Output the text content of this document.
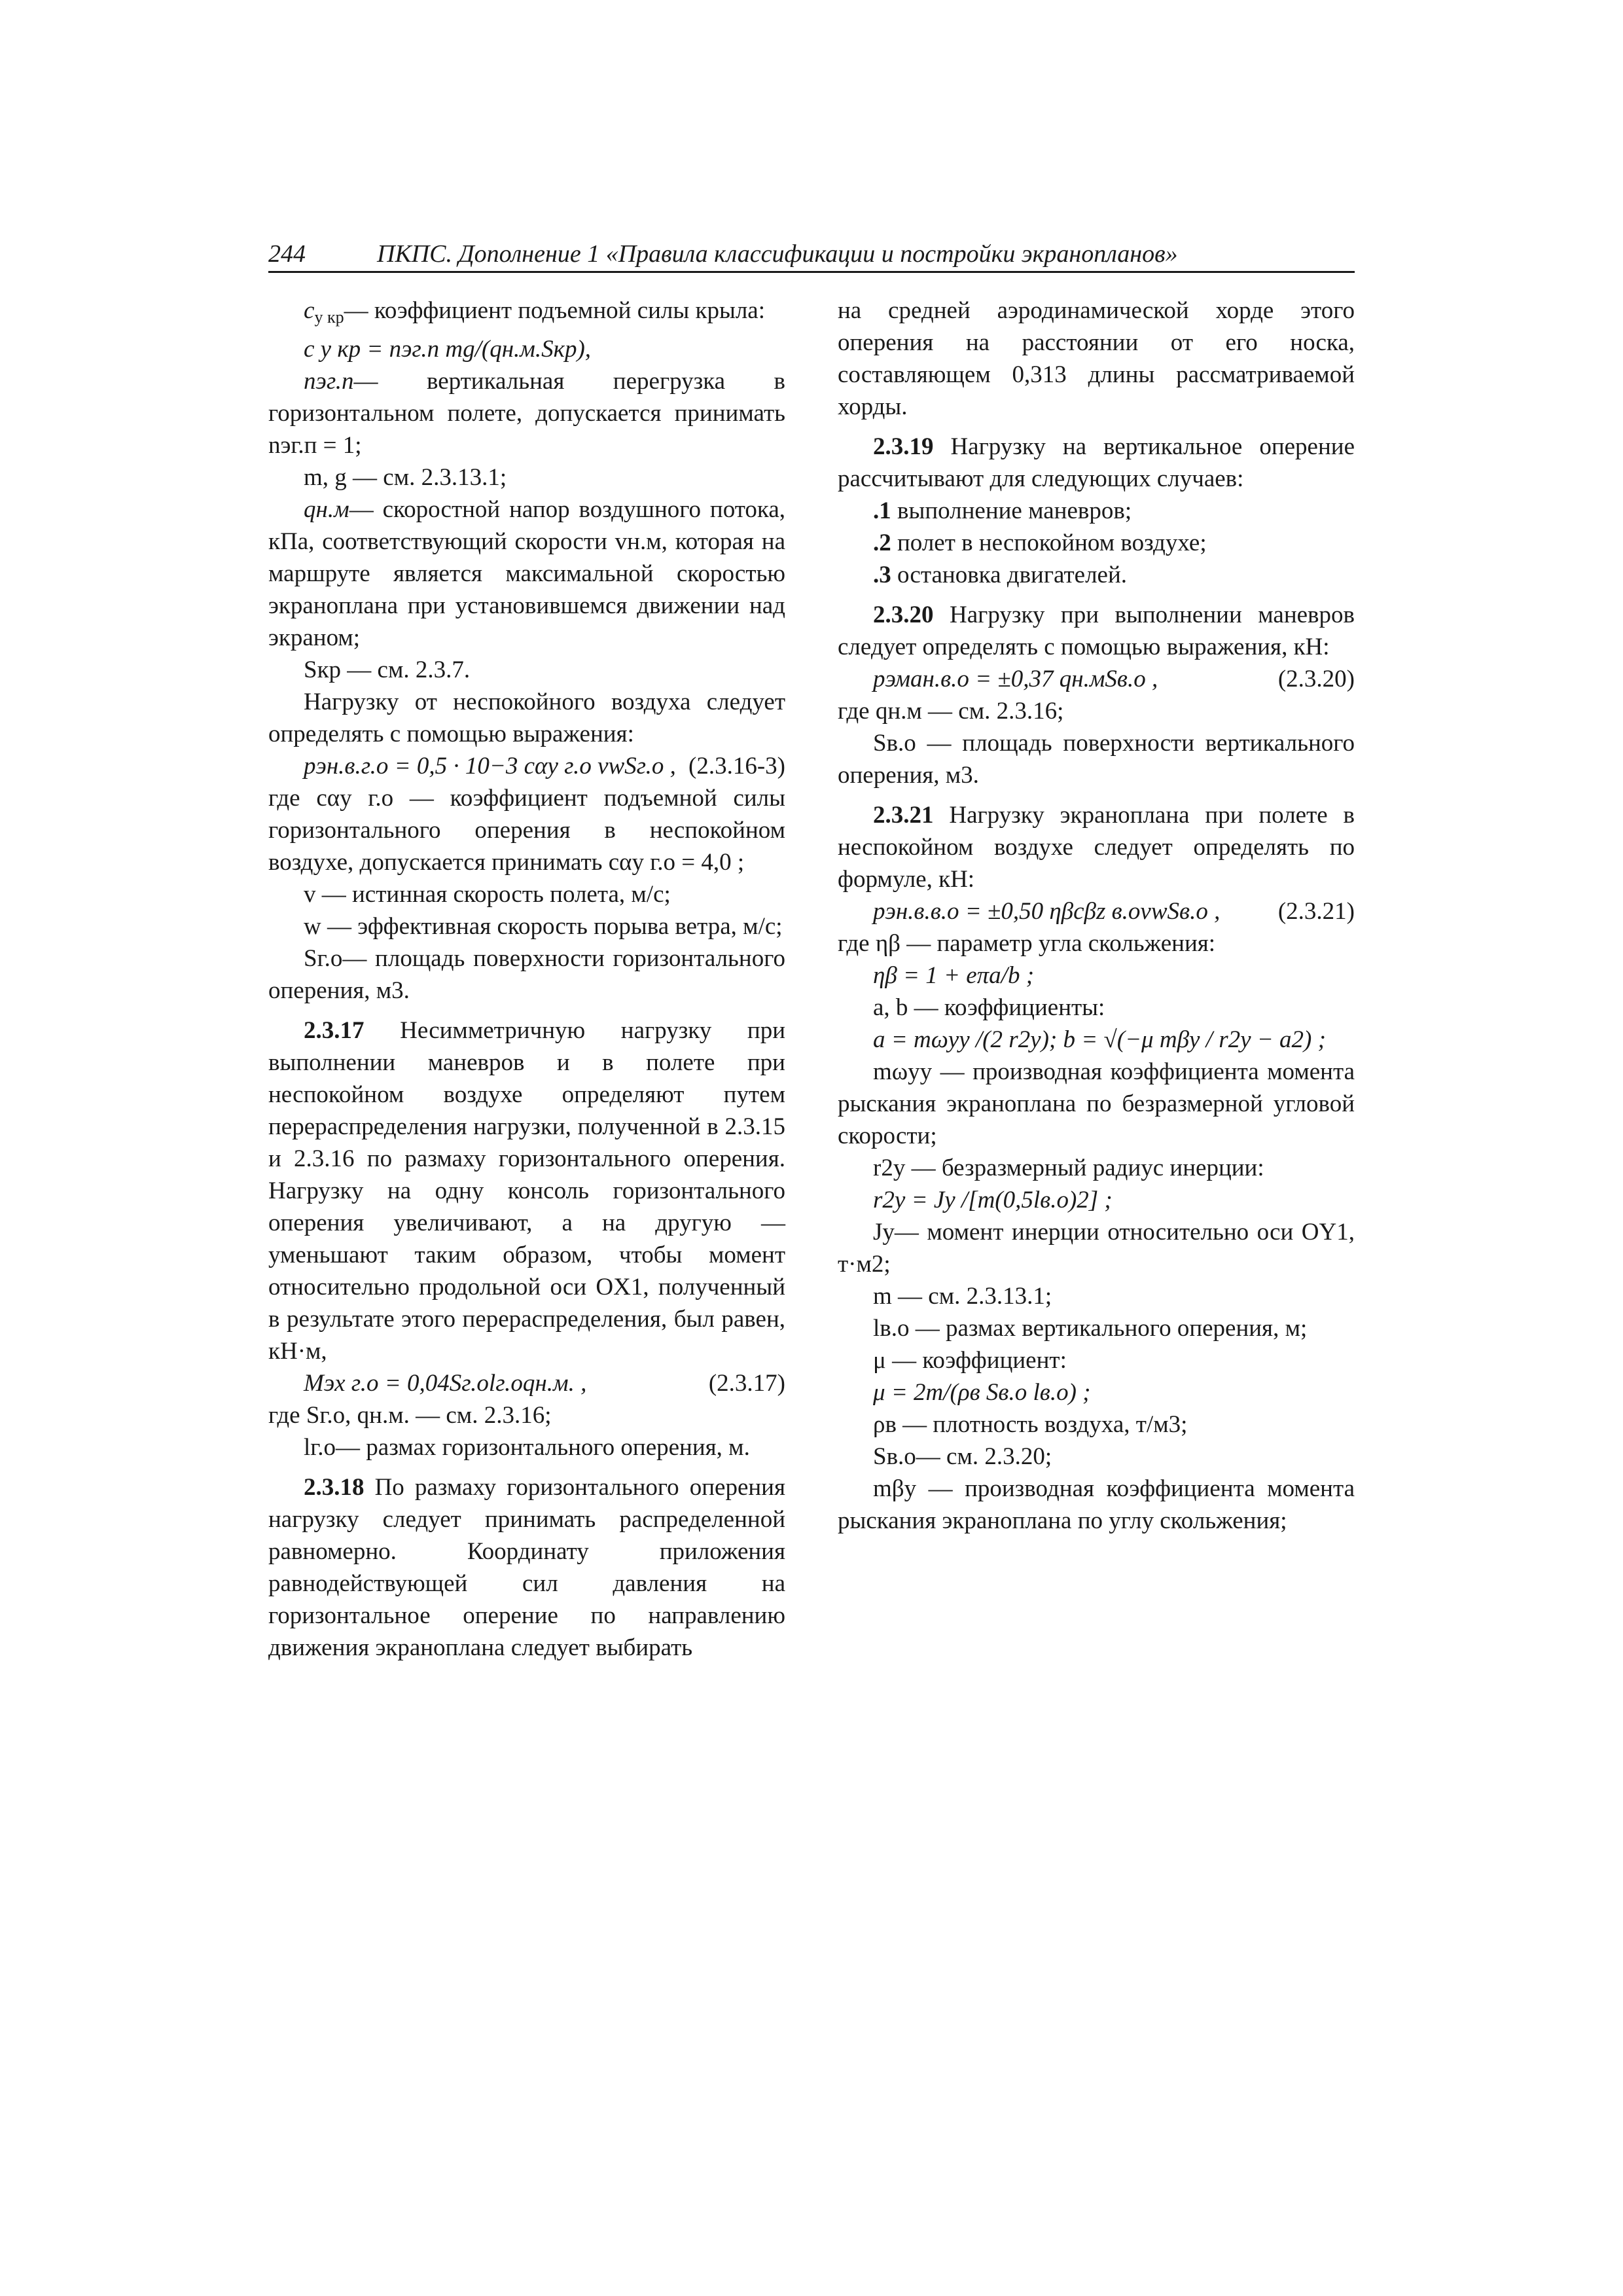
244	ПКПС. Дополнение 1 «Правила классификации и постройки экранопланов»

$c_{y кр}—$ коэффициент подъемной силы крыла:

c y кр = nэг.п mg/(qн.м.Sкр),

nэг.п— вертикальная перегрузка в горизонтальном полете, допускается принимать nэг.п = 1;

m, g — см. 2.3.13.1;

qн.м— скоростной напор воздушного потока, кПа, соответствующий скорости vн.м, которая на маршруте является максимальной скоростью экраноплана при установившемся движении над экраном;

Sкр — см. 2.3.7.

Нагрузку от неспокойного воздуха следует определять с помощью выражения:

pэн.в.г.о = 0,5 · 10−3 cαу г.о vwSг.о , (2.3.16-3)

где cαу г.о — коэффициент подъемной силы горизонтального оперения в неспокойном воздухе, допускается принимать cαу г.о = 4,0 ;

v — истинная скорость полета, м/с;

w — эффективная скорость порыва ветра, м/с;

Sг.о— площадь поверхности горизонтального оперения, м3.

2.3.17 Несимметричную нагрузку при выполнении маневров и в полете при неспокойном воздухе определяют путем перераспределения нагрузки, полученной в 2.3.15 и 2.3.16 по размаху горизонтального оперения. Нагрузку на одну консоль горизонтального оперения увеличивают, а на другую — уменьшают таким образом, чтобы момент относительно продольной оси OX1, полученный в результате этого перераспределения, был равен, кН·м,

Mэx г.о = 0,04Sг.оlг.оqн.м. ,	(2.3.17)

где Sг.о, qн.м. — см. 2.3.16;

lг.о— размах горизонтального оперения, м.

2.3.18 По размаху горизонтального оперения нагрузку следует принимать распределенной равномерно. Координату приложения равнодействующей сил давления на горизонтальное оперение по направлению движения экраноплана следует выбирать

на средней аэродинамической хорде этого оперения на расстоянии от его носка, составляющем 0,313 длины рассматриваемой хорды.

2.3.19 Нагрузку на вертикальное оперение рассчитывают для следующих случаев:

.1 выполнение маневров;

.2 полет в неспокойном воздухе;

.3 остановка двигателей.

2.3.20 Нагрузку при выполнении маневров следует определять с помощью выражения, кН:

pэман.в.о = ±0,37 qн.мSв.о ,	(2.3.20)

где qн.м — см. 2.3.16;

Sв.о — площадь поверхности вертикального оперения, м3.

2.3.21 Нагрузку экраноплана при полете в неспокойном воздухе следует определять по формуле, кН:

pэн.в.в.о = ±0,50 ηβcβz в.оvwSв.о , (2.3.21)

где ηβ — параметр угла скольжения:

ηβ = 1 + eπa/b ;

a, b — коэффициенты:

a = mωуy /(2 r2y); b = √(−μ mβy / r2y − a2) ;

mωуy — производная коэффициента момента рыскания экраноплана по безразмерной угловой скорости;

r2y — безразмерный радиус инерции:

r2y = Jy /[m(0,5lв.о)2] ;

Jy— момент инерции относительно оси OY1, т·м2;

m — см. 2.3.13.1;

lв.о — размах вертикального оперения, м;

μ — коэффициент:

μ = 2m/(ρв Sв.о lв.о) ;

ρв — плотность воздуха, т/м3;

Sв.о— см. 2.3.20;

mβy — производная коэффициента момента рыскания экраноплана по углу скольжения;
